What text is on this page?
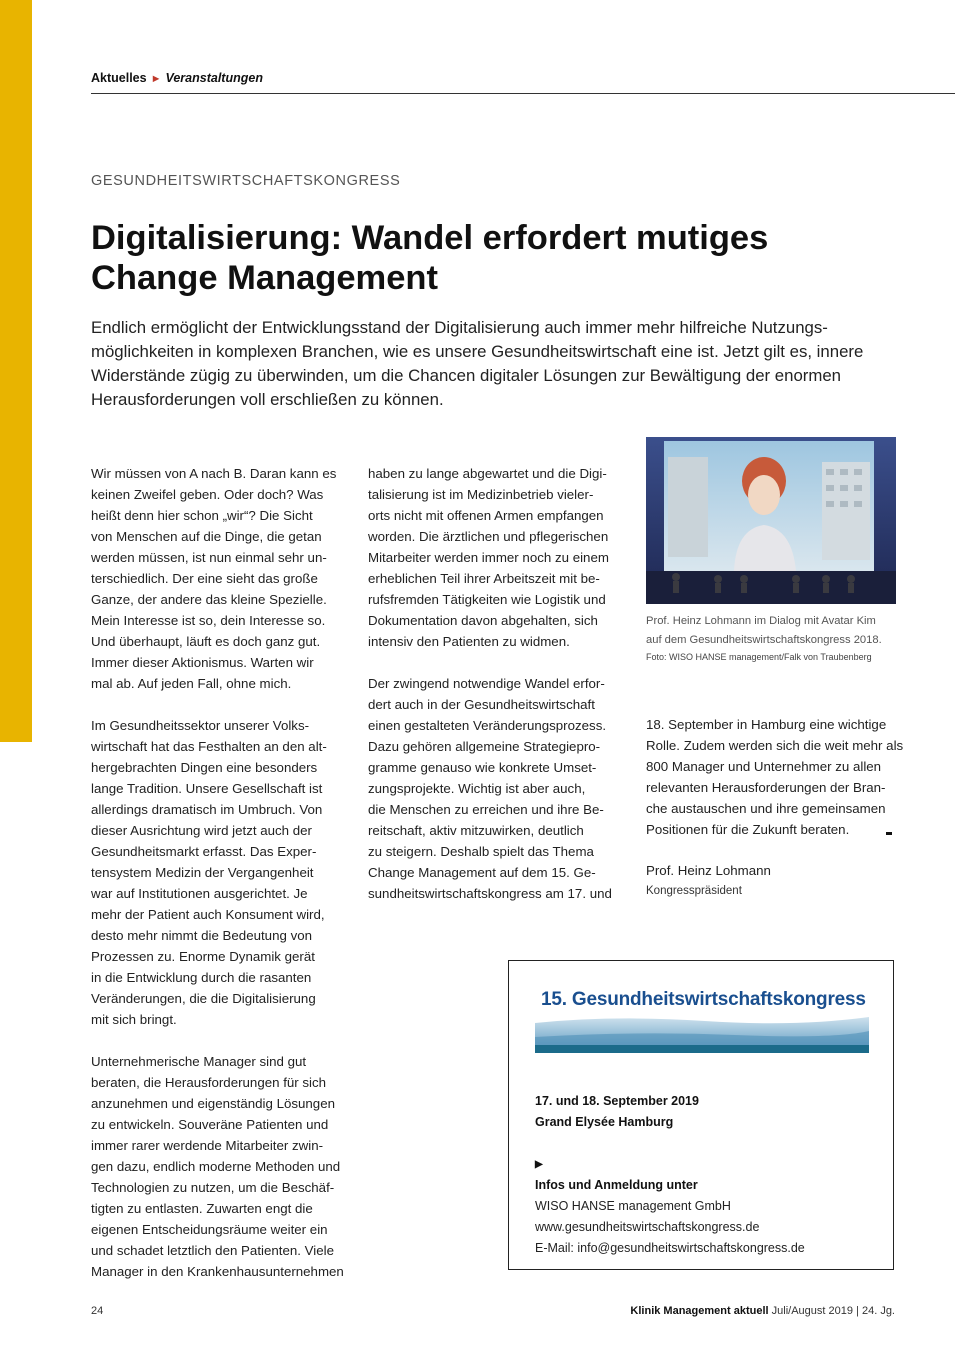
Aktuelles ► Veranstaltungen
GESUNDHEITSWIRTSCHAFTSKONGRESS
Digitalisierung: Wandel erfordert mutiges
Change Management
Endlich ermöglicht der Entwicklungsstand der Digitalisierung auch immer mehr hilfreiche Nutzungs-
möglichkeiten in komplexen Branchen, wie es unsere Gesundheitswirtschaft eine ist. Jetzt gilt es, innere
Widerstände zügig zu überwinden, um die Chancen digitaler Lösungen zur Bewältigung der enormen
Herausforderungen voll erschließen zu können.

Wir müssen von A nach B. Daran kann es
keinen Zweifel geben. Oder doch? Was
heißt denn hier schon „wir“? Die Sicht
von Menschen auf die Dinge, die getan
werden müssen, ist nun einmal sehr un-
terschiedlich. Der eine sieht das große
Ganze, der andere das kleine Spezielle.
Mein Interesse ist so, dein Interesse so.
Und überhaupt, läuft es doch ganz gut.
Immer dieser Aktionismus. Warten wir
mal ab. Auf jeden Fall, ohne mich.

Im Gesundheitssektor unserer Volks-
wirtschaft hat das Festhalten an den alt-
hergebrachten Dingen eine besonders
lange Tradition. Unsere Gesellschaft ist
allerdings dramatisch im Umbruch. Von
dieser Ausrichtung wird jetzt auch der
Gesundheitsmarkt erfasst. Das Exper-
tensystem Medizin der Vergangenheit
war auf Institutionen ausgerichtet. Je
mehr der Patient auch Konsument wird,
desto mehr nimmt die Bedeutung von
Prozessen zu. Enorme Dynamik gerät
in die Entwicklung durch die rasanten
Veränderungen, die die Digitalisierung
mit sich bringt.

Unternehmerische Manager sind gut
beraten, die Herausforderungen für sich
anzunehmen und eigenständig Lösungen
zu entwickeln. Souveräne Patienten und
immer rarer werdende Mitarbeiter zwin-
gen dazu, endlich moderne Methoden und
Technologien zu nutzen, um die Beschäf-
tigten zu entlasten. Zuwarten engt die
eigenen Entscheidungsräume weiter ein
und schadet letztlich den Patienten. Viele
Manager in den Krankenhausunternehmen

haben zu lange abgewartet und die Digi-
talisierung ist im Medizinbetrieb vieler-
orts nicht mit offenen Armen empfangen
worden. Die ärztlichen und pflegerischen
Mitarbeiter werden immer noch zu einem
erheblichen Teil ihrer Arbeitszeit mit be-
rufsfremden Tätigkeiten wie Logistik und
Dokumentation davon abgehalten, sich
intensiv den Patienten zu widmen.

Der zwingend notwendige Wandel erfor-
dert auch in der Gesundheitswirtschaft
einen gestalteten Veränderungsprozess.
Dazu gehören allgemeine Strategiepro-
gramme genauso wie konkrete Umset-
zungsprojekte. Wichtig ist aber auch,
die Menschen zu erreichen und ihre Be-
reitschaft, aktiv mitzuwirken, deutlich
zu steigern. Deshalb spielt das Thema
Change Management auf dem 15. Ge-
sundheitswirtschaftskongress am 17. und

18. September in Hamburg eine wichtige
Rolle. Zudem werden sich die weit mehr als
800 Manager und Unternehmer zu allen
relevanten Herausforderungen der Bran-
che austauschen und ihre gemeinsamen
Positionen für die Zukunft beraten.

Prof. Heinz Lohmann im Dialog mit Avatar Kim
auf dem Gesundheitswirtschaftskongress 2018.
Foto: WISO HANSE management/Falk von Traubenberg
Prof. Heinz Lohmann
Kongresspräsident
15. Gesundheitswirtschaftskongress
17. und 18. September 2019
Grand Elysée Hamburg
▶
Infos und Anmeldung unter
WISO HANSE management GmbH
www.gesundheitswirtschaftskongress.de
E-Mail: info@gesundheitswirtschaftskongress.de
24	Klinik Management aktuell Juli/August 2019 | 24. Jg.
